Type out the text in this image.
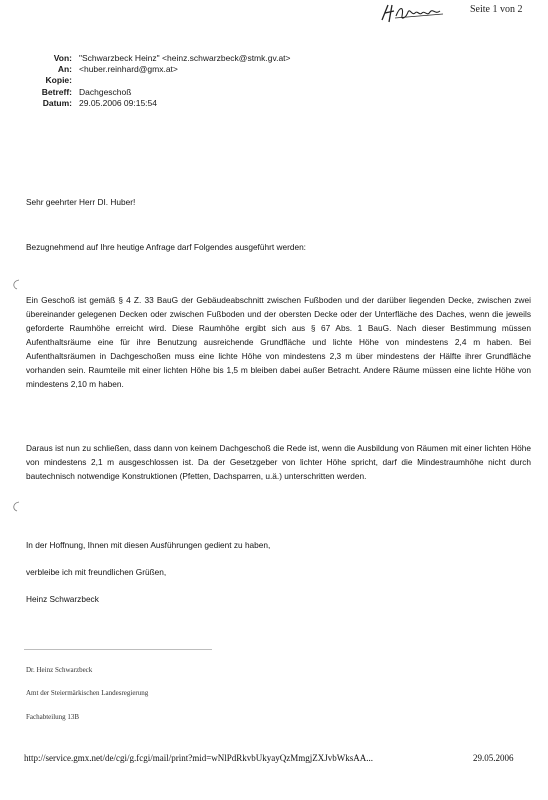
Seite 1 von 2
Von: "Schwarzbeck Heinz" <heinz.schwarzbeck@stmk.gv.at>
An: <huber.reinhard@gmx.at>
Kopie:
Betreff: Dachgeschoß
Datum: 29.05.2006 09:15:54
Sehr geehrter Herr DI. Huber!
Bezugnehmend auf Ihre heutige Anfrage darf Folgendes ausgeführt werden:
Ein Geschoß ist gemäß § 4 Z. 33 BauG der Gebäudeabschnitt zwischen Fußboden und der darüber liegenden Decke, zwischen zwei übereinander gelegenen Decken oder zwischen Fußboden und der obersten Decke oder der Unterfläche des Daches, wenn die jeweils geforderte Raumhöhe erreicht wird. Diese Raumhöhe ergibt sich aus § 67 Abs. 1 BauG. Nach dieser Bestimmung müssen Aufenthaltsräume eine für ihre Benutzung ausreichende Grundfläche und lichte Höhe von mindestens 2,4 m haben. Bei Aufenthaltsräumen in Dachgeschoßen muss eine lichte Höhe von mindestens 2,3 m über mindestens der Hälfte ihrer Grundfläche vorhanden sein. Raumteile mit einer lichten Höhe bis 1,5 m bleiben dabei außer Betracht. Andere Räume müssen eine lichte Höhe von mindestens 2,10 m haben.
Daraus ist nun zu schließen, dass dann von keinem Dachgeschoß die Rede ist, wenn die Ausbildung von Räumen mit einer lichten Höhe von mindestens 2,1 m ausgeschlossen ist. Da der Gesetzgeber von lichter Höhe spricht, darf die Mindestraumhöhe nicht durch bautechnisch notwendige Konstruktionen (Pfetten, Dachsparren, u.ä.) unterschritten werden.
In der Hoffnung, Ihnen mit diesen Ausführungen gedient zu haben,
verbleibe ich mit freundlichen Grüßen,
Heinz Schwarzbeck
Dr. Heinz Schwarzbeck
Amt der Steiermärkischen Landesregierung
Fachabteilung 13B
http://service.gmx.net/de/cgi/g.fcgi/mail/print?mid=wNlPdRkvbUkyayQzMmgjZXJvbWksAA...	29.05.2006
